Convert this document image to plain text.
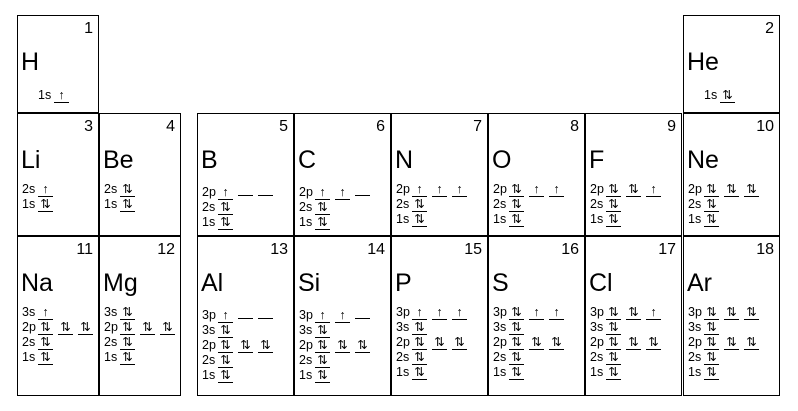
1
H
1s ↑
2
He
1s ⇅
3
Li
2s ↑
1s ⇅
4
Be
2s ⇅
1s ⇅
5
B
2p ↑
2s ⇅
1s ⇅
6
C
2p ↑ ↑
2s ⇅
1s ⇅
7
N
2p ↑ ↑ ↑
2s ⇅
1s ⇅
8
O
2p ⇅ ↑ ↑
2s ⇅
1s ⇅
9
F
2p ⇅ ⇅ ↑
2s ⇅
1s ⇅
10
Ne
2p ⇅ ⇅ ⇅
2s ⇅
1s ⇅
11
Na
3s ↑
2p ⇅ ⇅ ⇅
2s ⇅
1s ⇅
12
Mg
3s ⇅
2p ⇅ ⇅ ⇅
2s ⇅
1s ⇅
13
Al
3p ↑
3s ⇅
2p ⇅ ⇅ ⇅
2s ⇅
1s ⇅
14
Si
3p ↑ ↑
3s ⇅
2p ⇅ ⇅ ⇅
2s ⇅
1s ⇅
15
P
3p ↑ ↑ ↑
3s ⇅
2p ⇅ ⇅ ⇅
2s ⇅
1s ⇅
16
S
3p ⇅ ↑ ↑
3s ⇅
2p ⇅ ⇅ ⇅
2s ⇅
1s ⇅
17
Cl
3p ⇅ ⇅ ↑
3s ⇅
2p ⇅ ⇅ ⇅
2s ⇅
1s ⇅
18
Ar
3p ⇅ ⇅ ⇅
3s ⇅
2p ⇅ ⇅ ⇅
2s ⇅
1s ⇅
